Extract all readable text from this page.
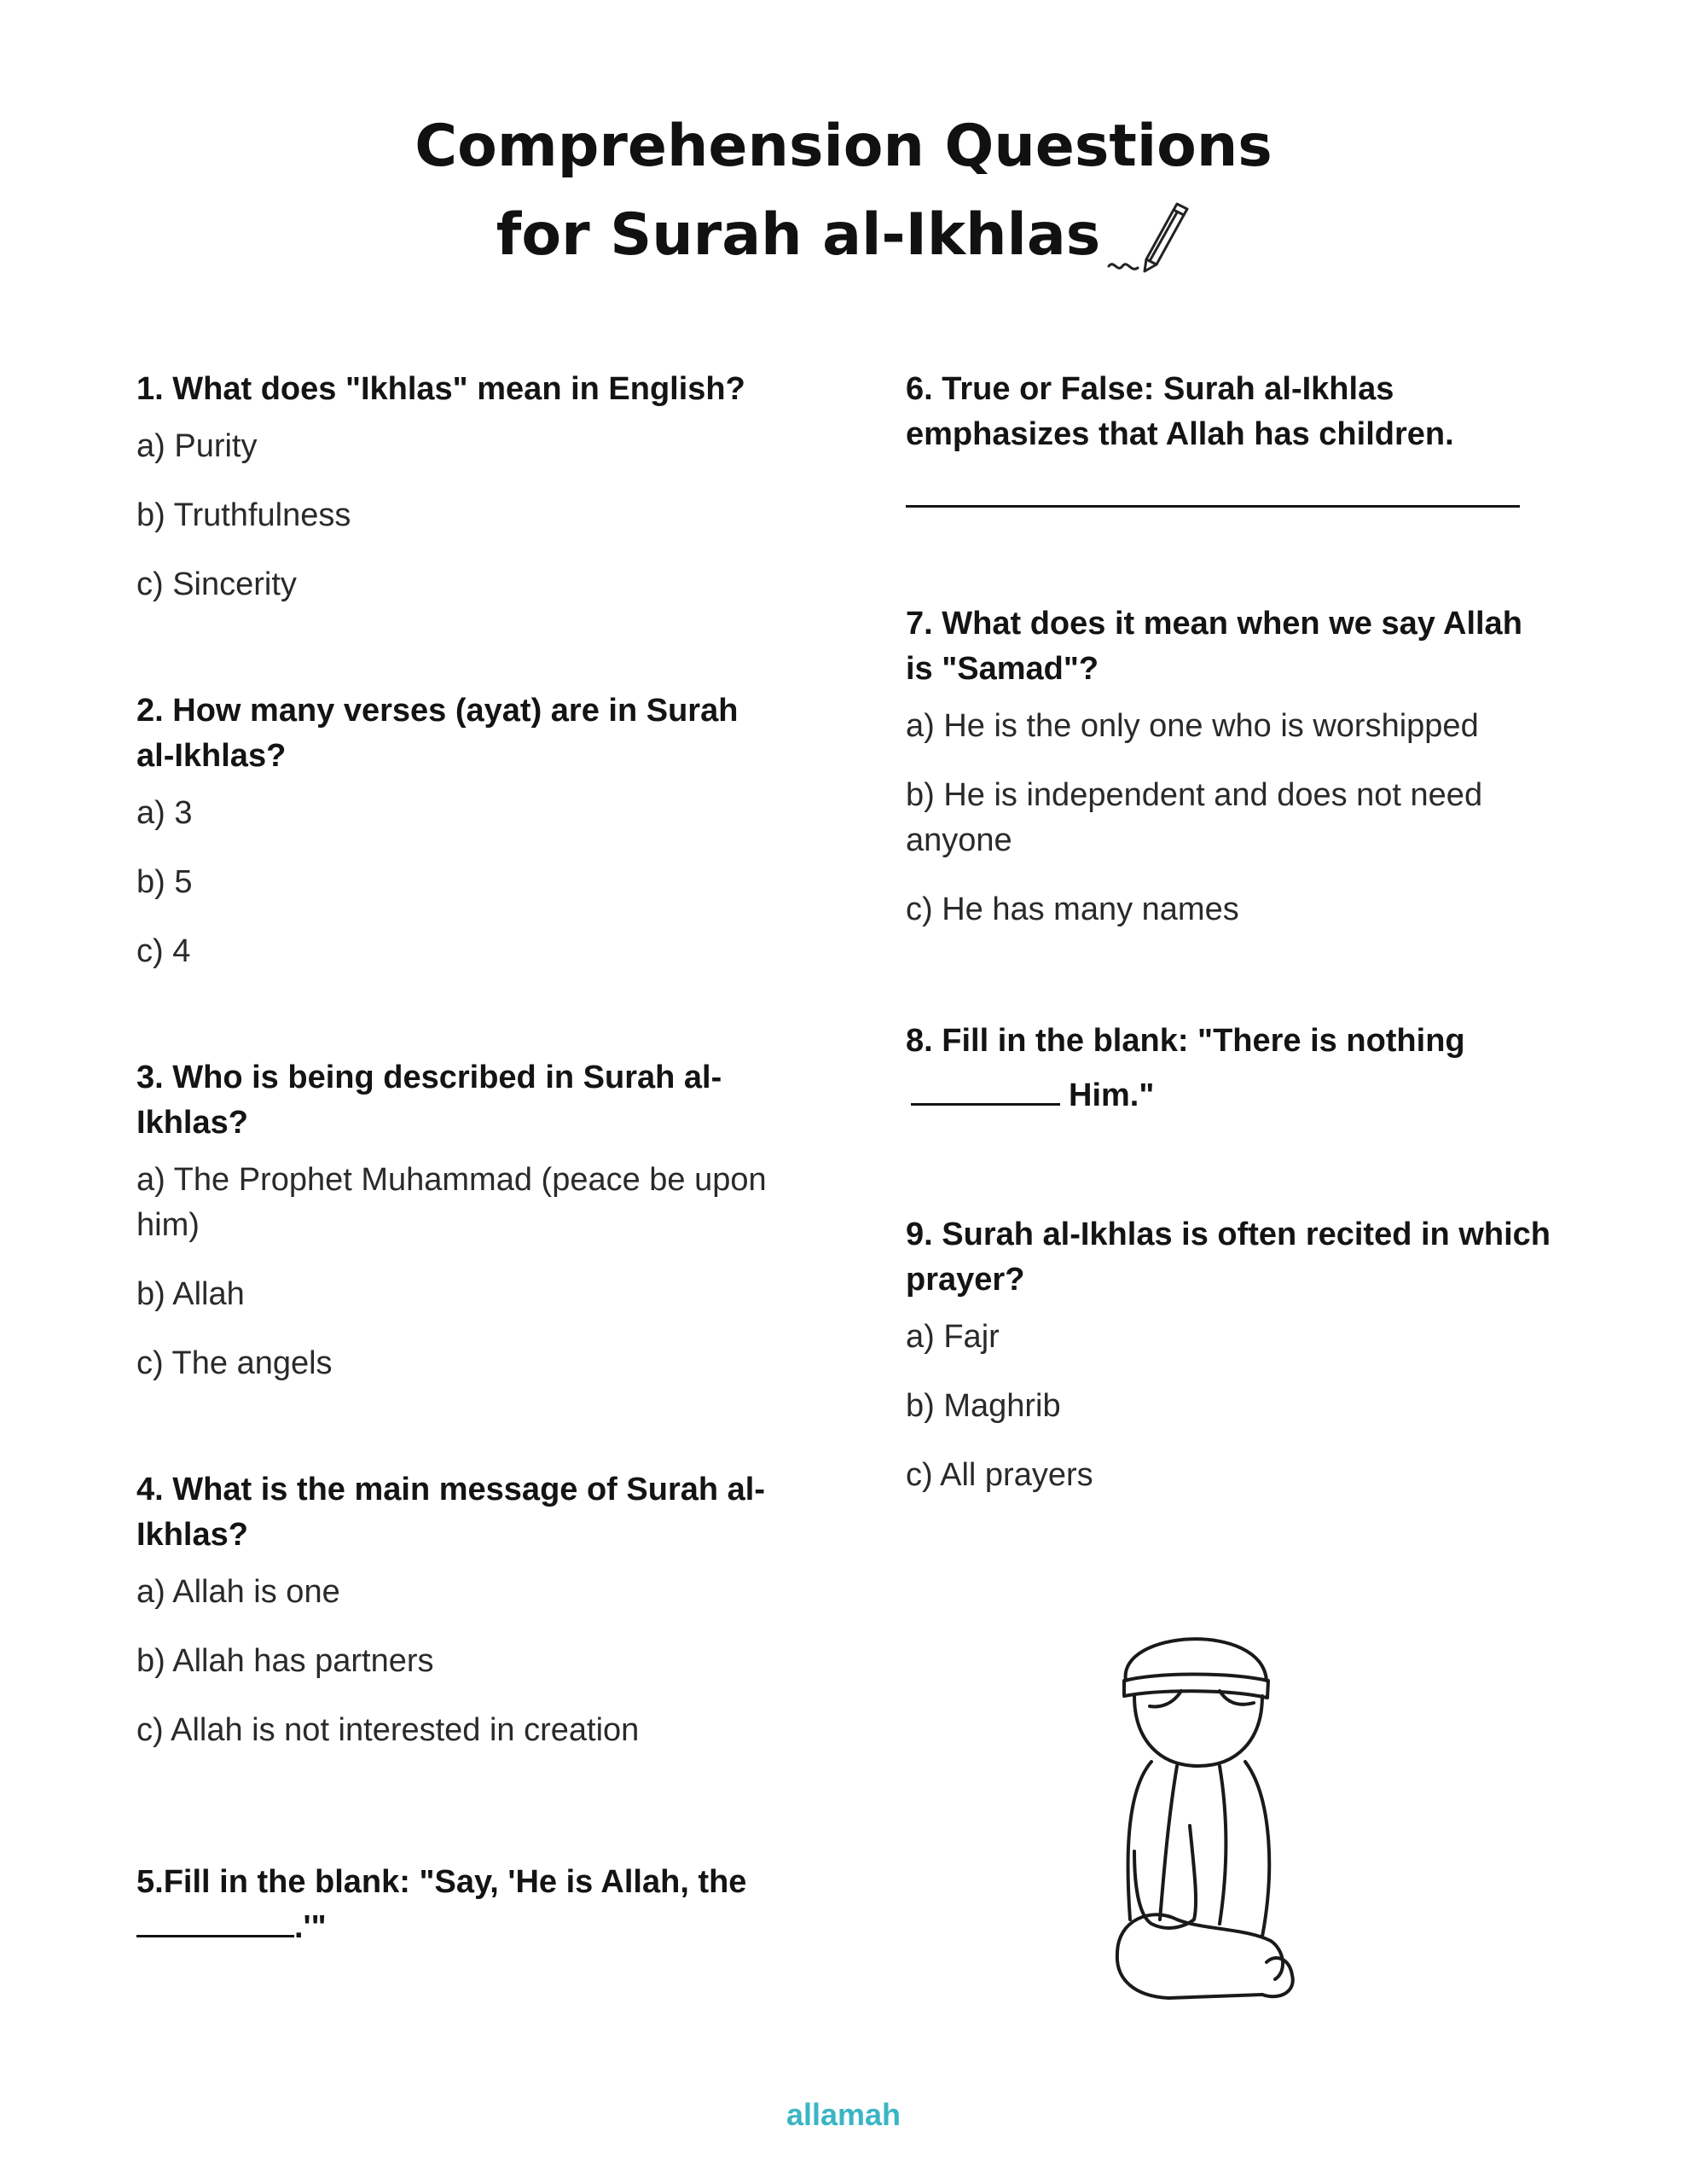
Comprehension Questions
for Surah al-Ikhlas
1. What does "Ikhlas" mean in English?
a) Purity
b) Truthfulness
c) Sincerity
2. How many verses (ayat) are in Surah al-Ikhlas?
a) 3
b) 5
c) 4
3. Who is being described in Surah al-Ikhlas?
a) The Prophet Muhammad (peace be upon him)
b) Allah
c) The angels
4. What is the main message of Surah al-Ikhlas?
a) Allah is one
b) Allah has partners
c) Allah is not interested in creation
5.Fill in the blank: "Say, 'He is Allah, the .'"
6. True or False: Surah al-Ikhlas emphasizes that Allah has children.
7. What does it mean when we say Allah is "Samad"?
a) He is the only one who is worshipped
b) He is independent and does not need anyone
c) He has many names
8. Fill in the blank: "There is nothing
Him."
9. Surah al-Ikhlas is often recited in which prayer?
a) Fajr
b) Maghrib
c) All prayers
allamah
